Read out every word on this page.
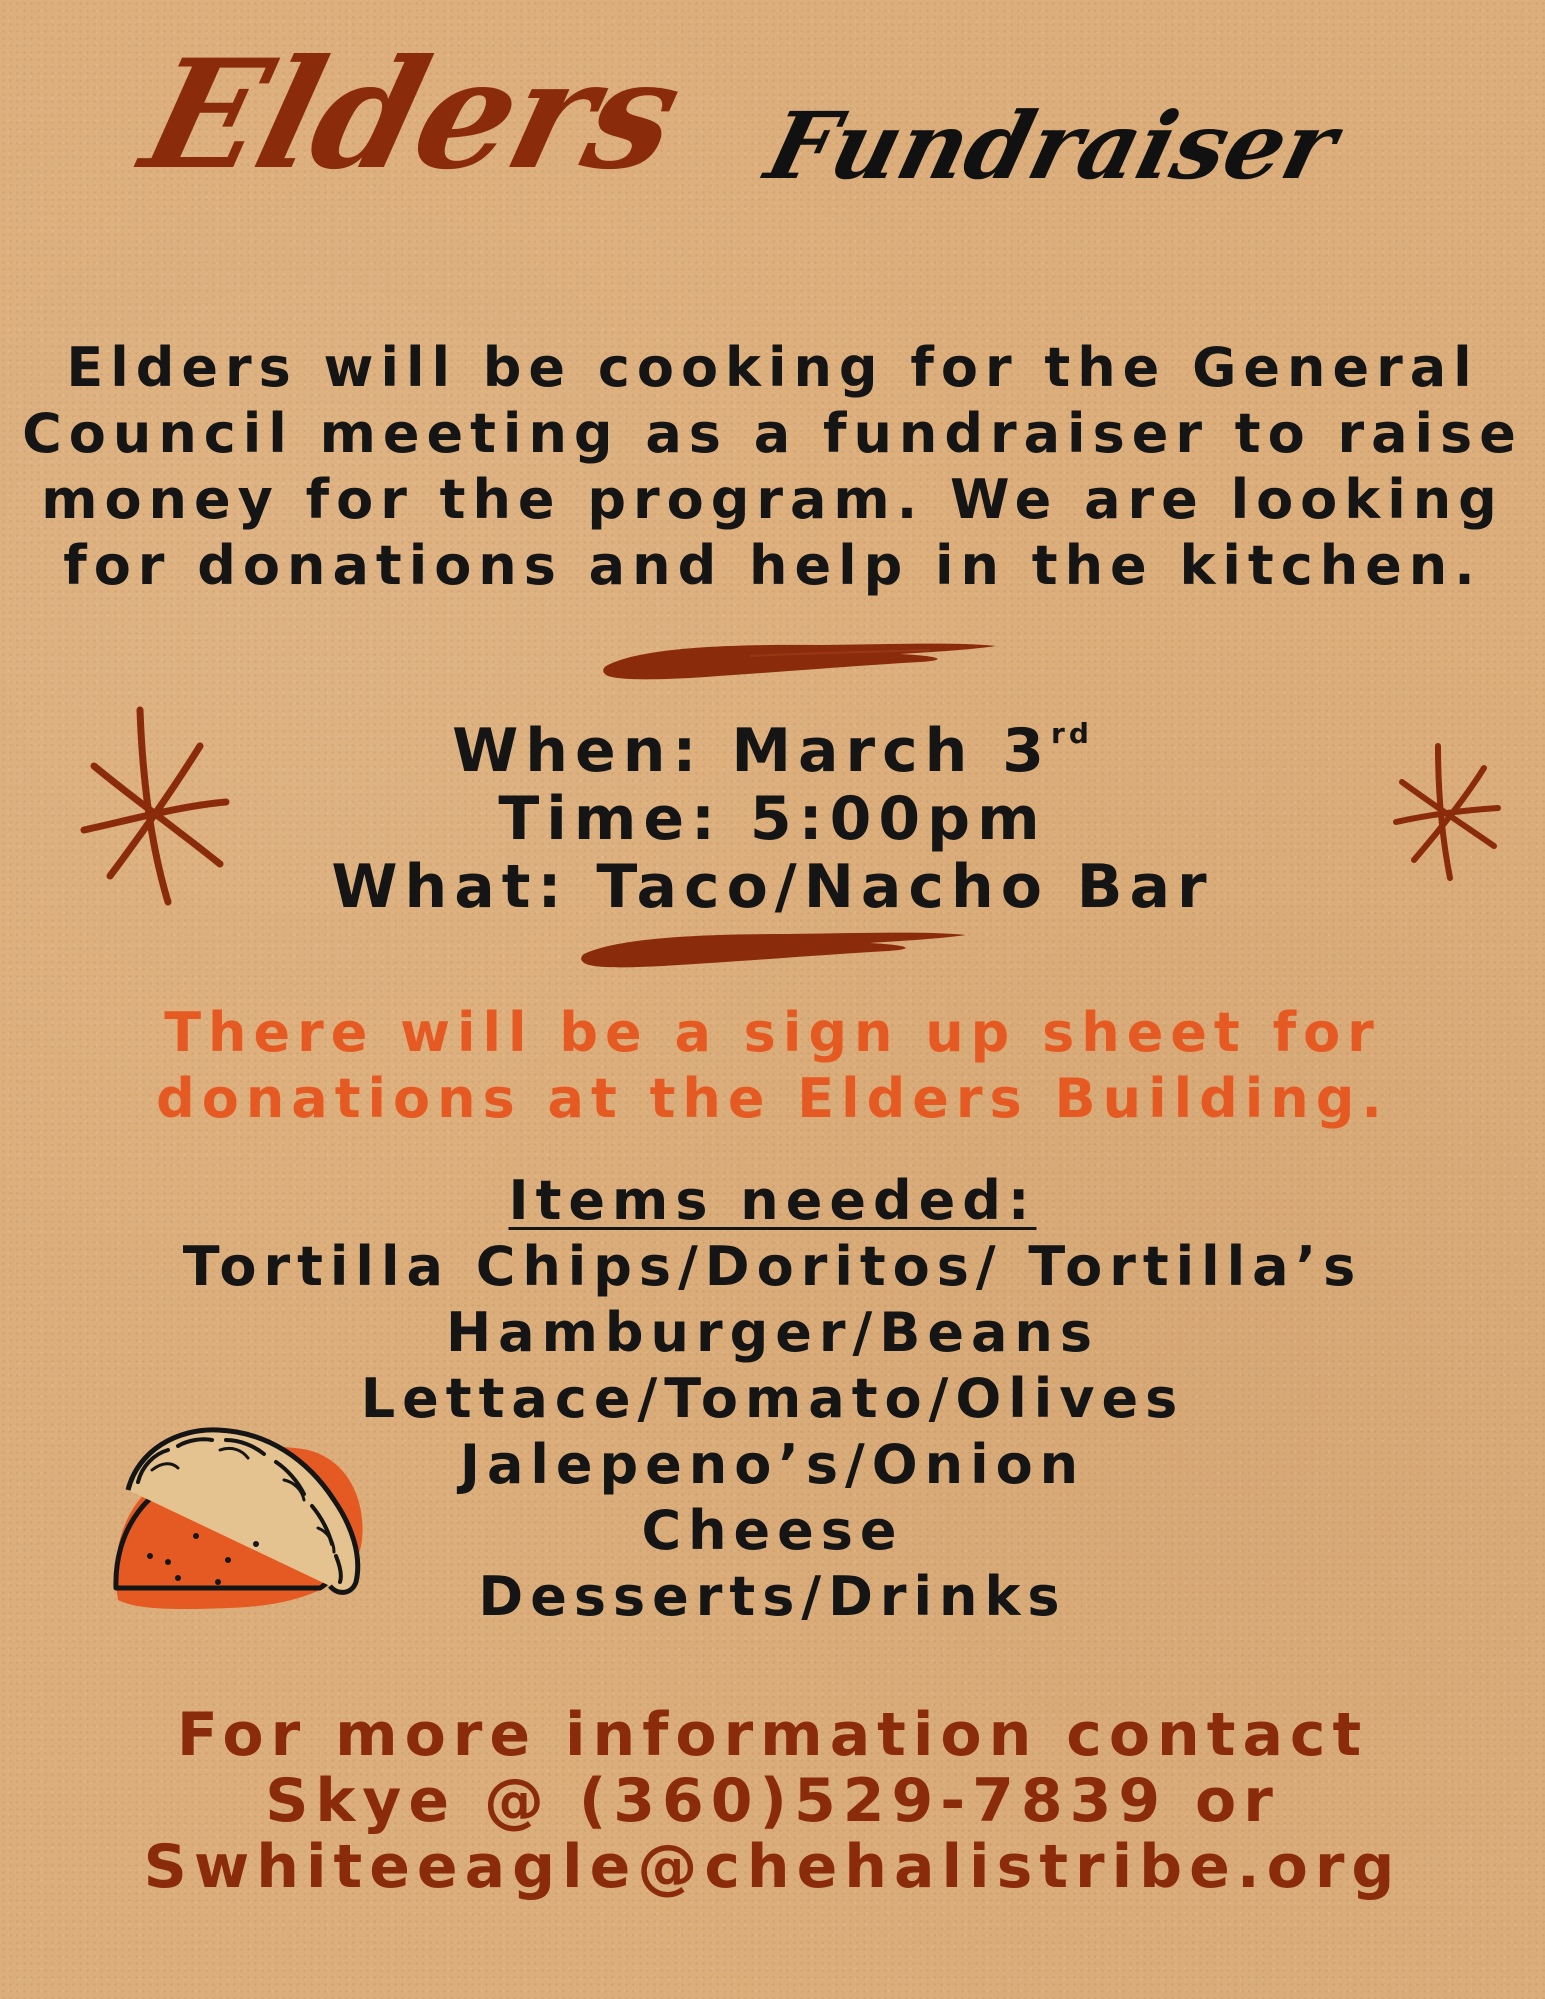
Elders Fundraiser
Elders will be cooking for the General
Council meeting as a fundraiser to raise
money for the program. We are looking
for donations and help in the kitchen.
When: March 3rd
Time: 5:00pm
What: Taco/Nacho Bar
There will be a sign up sheet for
donations at the Elders Building.
Items needed:
Tortilla Chips/Doritos/ Tortilla’s
Hamburger/Beans
Lettace/Tomato/Olives
Jalepeno’s/Onion
Cheese
Desserts/Drinks
For more information contact
Skye @ (360)529-7839 or
Swhiteeagle@chehalistribe.org
